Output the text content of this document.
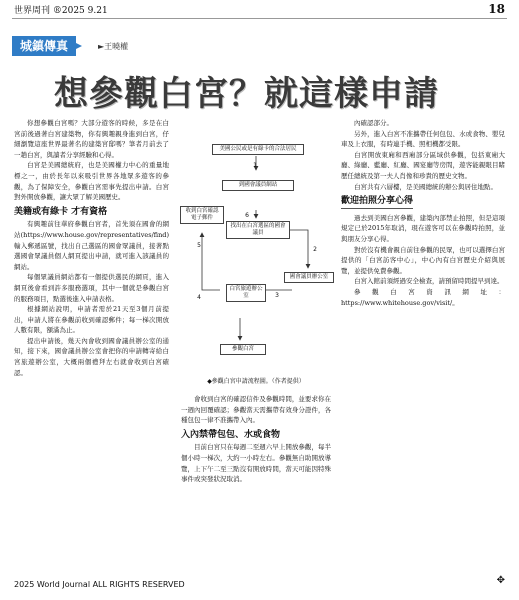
世界周刊 ®2025 9.21	18
城鎮傳真	►王曉權
想參觀白宮？就這樣申請

你想參觀白宮嗎？大部分遊客的時候，多是在白宮前後過著白宮建築物，你有興趣親身進到白宮，仔細瀏覽這座世界最著名的建築宮邸嗎？筆者月前去了一趟白宮，與讀者分享經驗和心得。

白宮是美國總統府，也是美國權力中心的重量地標之一，由於長年以來吸引世界各地眾多遊客的參觀，為了保障安全，參觀白宮需事先提出申請。白宮對外開放參觀，讓大眾了解美國歷史。

美籍或有綠卡 才有資格

有興趣前往華府參觀白宮者，首先須在國會的網站(https://www.house.gov/representatives/find)輸入郵遞區號，找出自己選區的國會眾議員，接著點選國會眾議員個人網頁提出申請，就可進入該議員的網站。

每個眾議員網站都有一個提供選民的網頁，進入網頁後會看到許多服務選項，其中一個就是參觀白宮的服務項目，點選後進入申請表格。

根據網站說明，申請者需於21天至3個月前提出，申請人將在參觀前收到確認郵件；每一梯次開放人數有限，額滿為止。

提出申請後，幾天內會收到國會議員辦公室的通知，接下來，國會議員辦公室會把你的申請轉寄給白宮旅遊辦公室，大概兩個禮拜左右就會收到白宮確認。

美國公民或是有綠卡的合法居民
到國會議員網站
找出在白宮選區的國會議員
國會議員辦公室
白宮旅遊辦公室
收到白宮確認電子郵件
參觀白宮
◆參觀白宮申請流程圖。（作者提供）
1
2
3
4
5
6

會收到白宮的確認信件及參觀時間，並要求你在一週內回覆確認；參觀當天需攜帶有效身分證件，各種包包一律不准攜帶入內。

入內禁帶包包、水或食物

目前白宮只在每週二至週六早上開放參觀，每半個小時一梯次，大約一小時左右。參觀無自助開放導覽，上下午二至三點沒有開放時間，當天可能因特殊事件或突發狀況取消。

內確認部分。

另外，進入白宮不准攜帶任何包包、水或食物、嬰兒車及上衣服，有時連手機、照相機都受限。

白宮開放東廂和西廂部分區域供參觀，包括東廂大廳、綠廳、藍廳、紅廳、國宴廳等房間，遊客能親眼目睹歷任總統及第一夫人肖像和珍貴的歷史文物。

白宮共有六層樓，是美國總統的辦公與居住地點。

歡迎拍照分享心得

過去到美國白宮參觀，建築內部禁止拍照，但是這項規定已於2015年取消，現在遊客可以在參觀時拍照，並與朋友分享心得。

對於沒有機會親自前往參觀的民眾，也可以選擇白宮提供的「白宮訪客中心」，中心內有白宮歷史介紹與展覽，並提供免費參觀。

白宮入館前須經過安全檢查，請預留時間提早到達。

參觀白宮資訊網址：https://www.whitehouse.gov/visit/。

2025 World Journal ALL RIGHTS RESERVED	✥
